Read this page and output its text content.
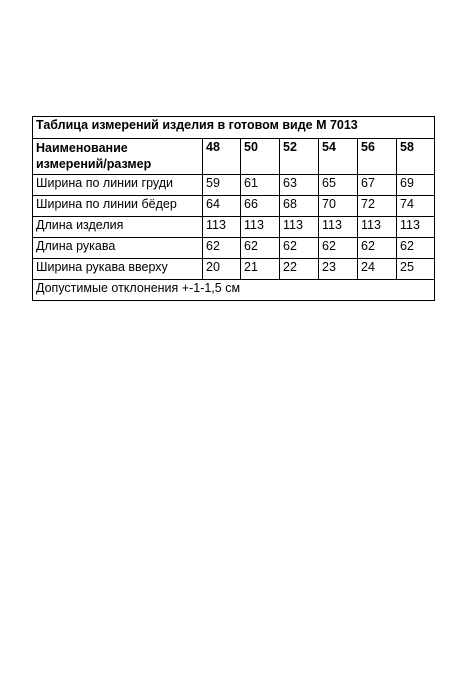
Таблица измерений изделия в готовом виде М 7013						
Наименование
измерений/размер	48	50	52	54	56	58
Ширина по линии груди	59	61	63	65	67	69
Ширина по линии бёдер	64	66	68	70	72	74
Длина изделия	113	113	113	113	113	113
Длина рукава	62	62	62	62	62	62
Ширина рукава вверху	20	21	22	23	24	25
Допустимые отклонения +-1-1,5 см						
